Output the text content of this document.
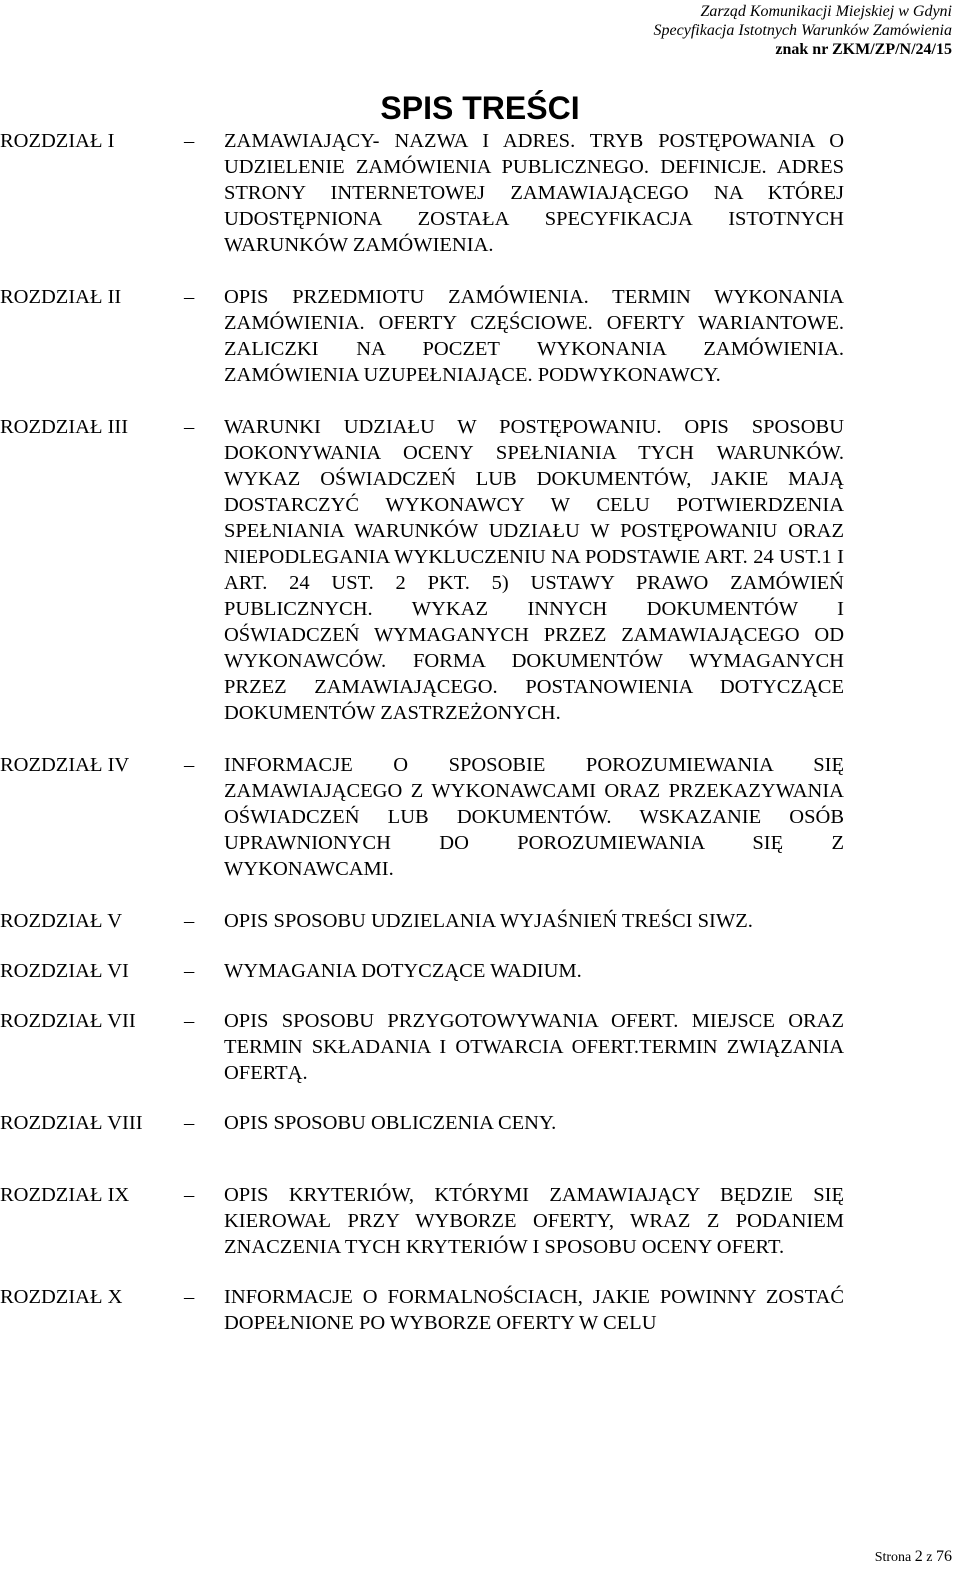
Zarząd Komunikacji Miejskiej w Gdyni
Specyfikacja Istotnych Warunków Zamówienia
znak nr ZKM/ZP/N/24/15
SPIS TREŚCI
ROZDZIAŁ I	– ZAMAWIAJĄCY- NAZWA I ADRES. TRYB POSTĘPOWANIA O UDZIELENIE ZAMÓWIENIA PUBLICZNEGO. DEFINICJE. ADRES STRONY INTERNETOWEJ ZAMAWIAJĄCEGO NA KTÓREJ UDOSTĘPNIONA ZOSTAŁA SPECYFIKACJA ISTOTNYCH WARUNKÓW ZAMÓWIENIA.
ROZDZIAŁ II	– OPIS PRZEDMIOTU ZAMÓWIENIA. TERMIN WYKONANIA ZAMÓWIENIA. OFERTY CZĘŚCIOWE. OFERTY WARIANTOWE. ZALICZKI NA POCZET WYKONANIA ZAMÓWIENIA. ZAMÓWIENIA UZUPEŁNIAJĄCE. PODWYKONAWCY.
ROZDZIAŁ III	– WARUNKI UDZIAŁU W POSTĘPOWANIU. OPIS SPOSOBU DOKONYWANIA OCENY SPEŁNIANIA TYCH WARUNKÓW. WYKAZ OŚWIADCZEŃ LUB DOKUMENTÓW, JAKIE MAJĄ DOSTARCZYĆ WYKONAWCY W CELU POTWIERDZENIA SPEŁNIANIA WARUNKÓW UDZIAŁU W POSTĘPOWANIU ORAZ NIEPODLEGANIA WYKLUCZENIU NA PODSTAWIE ART. 24 UST.1 I ART. 24 UST. 2 PKT. 5) USTAWY PRAWO ZAMÓWIEŃ PUBLICZNYCH. WYKAZ INNYCH DOKUMENTÓW I OŚWIADCZEŃ WYMAGANYCH PRZEZ ZAMAWIAJĄCEGO OD WYKONAWCÓW. FORMA DOKUMENTÓW WYMAGANYCH PRZEZ ZAMAWIAJĄCEGO. POSTANOWIENIA DOTYCZĄCE DOKUMENTÓW ZASTRZEŻONYCH.
ROZDZIAŁ IV	– INFORMACJE O SPOSOBIE POROZUMIEWANIA SIĘ ZAMAWIAJĄCEGO Z WYKONAWCAMI ORAZ PRZEKAZYWANIA OŚWIADCZEŃ LUB DOKUMENTÓW. WSKAZANIE OSÓB UPRAWNIONYCH DO POROZUMIEWANIA SIĘ Z WYKONAWCAMI.
ROZDZIAŁ V	– OPIS SPOSOBU UDZIELANIA WYJAŚNIEŃ TREŚCI SIWZ.
ROZDZIAŁ VI	– WYMAGANIA DOTYCZĄCE WADIUM.
ROZDZIAŁ VII – OPIS SPOSOBU PRZYGOTOWYWANIA OFERT. MIEJSCE ORAZ TERMIN SKŁADANIA I OTWARCIA OFERT.TERMIN ZWIĄZANIA OFERTĄ.
ROZDZIAŁ VIII – OPIS SPOSOBU OBLICZENIA CENY.
ROZDZIAŁ IX	– OPIS KRYTERIÓW, KTÓRYMI ZAMAWIAJĄCY BĘDZIE SIĘ KIEROWAŁ PRZY WYBORZE OFERTY, WRAZ Z PODANIEM ZNACZENIA TYCH KRYTERIÓW I SPOSOBU OCENY OFERT.
ROZDZIAŁ X	– INFORMACJE O FORMALNOŚCIACH, JAKIE POWINNY ZOSTAĆ DOPEŁNIONE PO WYBORZE OFERTY W CELU
Strona 2 z 76
